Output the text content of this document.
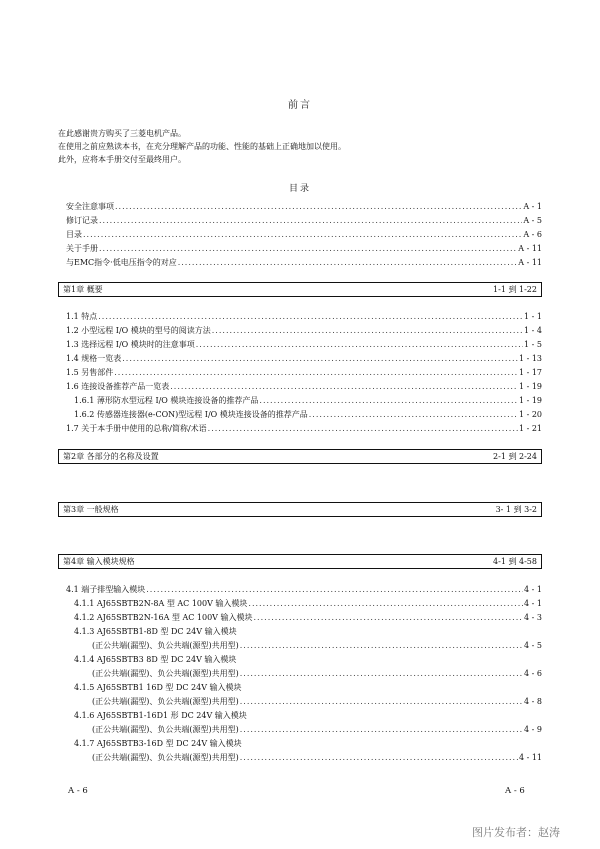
前言
在此感谢贵方购买了三菱电机产品。
在使用之前应熟读本书，在充分理解产品的功能、性能的基础上正确地加以使用。
此外，应将本手册交付至最终用户。
目录
安全注意事项 .....	A - 1
修订记录 .....	A - 5
目录 .....	A - 6
关于手册 .....	A - 11
与EMC指令·低电压指令的对应 .....	A - 11
第1章 概要	1-1 到 1-22
1.1 特点 .....	1 - 1
1.2 小型远程 I/O 模块的型号的阅读方法 .....	1 - 4
1.3 选择远程 I/O 模块时的注意事项 .....	1 - 5
1.4 规格一览表 .....	1 - 13
1.5 另售部件 .....	1 - 17
1.6 连接设备推荐产品一览表 .....	1 - 19
1.6.1 薄形防水型远程 I/O 模块连接设备的推荐产品 .....	1 - 19
1.6.2 传感器连接器(e-CON)型远程 I/O 模块连接设备的推荐产品 .....	1 - 20
1.7 关于本手册中使用的总称/简称/术语 .....	1 - 21
第2章 各部分的名称及设置	2-1 到 2-24
第3章 一般规格	3- 1 到 3-2
第4章 输入模块规格	4-1 到 4-58
4.1 端子排型输入模块 .....	4 - 1
4.1.1 AJ65SBTB2N-8A 型 AC 100V 输入模块 .....	4 - 1
4.1.2 AJ65SBTB2N-16A 型 AC 100V 输入模块 .....	4 - 3
4.1.3 AJ65SBTB1-8D 型 DC 24V 输入模块
(正公共端(漏型)、负公共端(源型)共用型) .....	4 - 5
4.1.4 AJ65SBTB3 8D 型 DC 24V 输入模块
(正公共端(漏型)、负公共端(源型)共用型) .....	4 - 6
4.1.5 AJ65SBTB1 16D 型 DC 24V 输入模块
(正公共端(漏型)、负公共端(源型)共用型) .....	4 - 8
4.1.6 AJ65SBTB1-16D1 形 DC 24V 输入模块
(正公共端(漏型)、负公共端(源型)共用型) .....	4 - 9
4.1.7 AJ65SBTB3-16D 型 DC 24V 输入模块
(正公共端(漏型)、负公共端(源型)共用型) .....	4 - 11
A - 6	A - 6
图片发布者：赵涛
